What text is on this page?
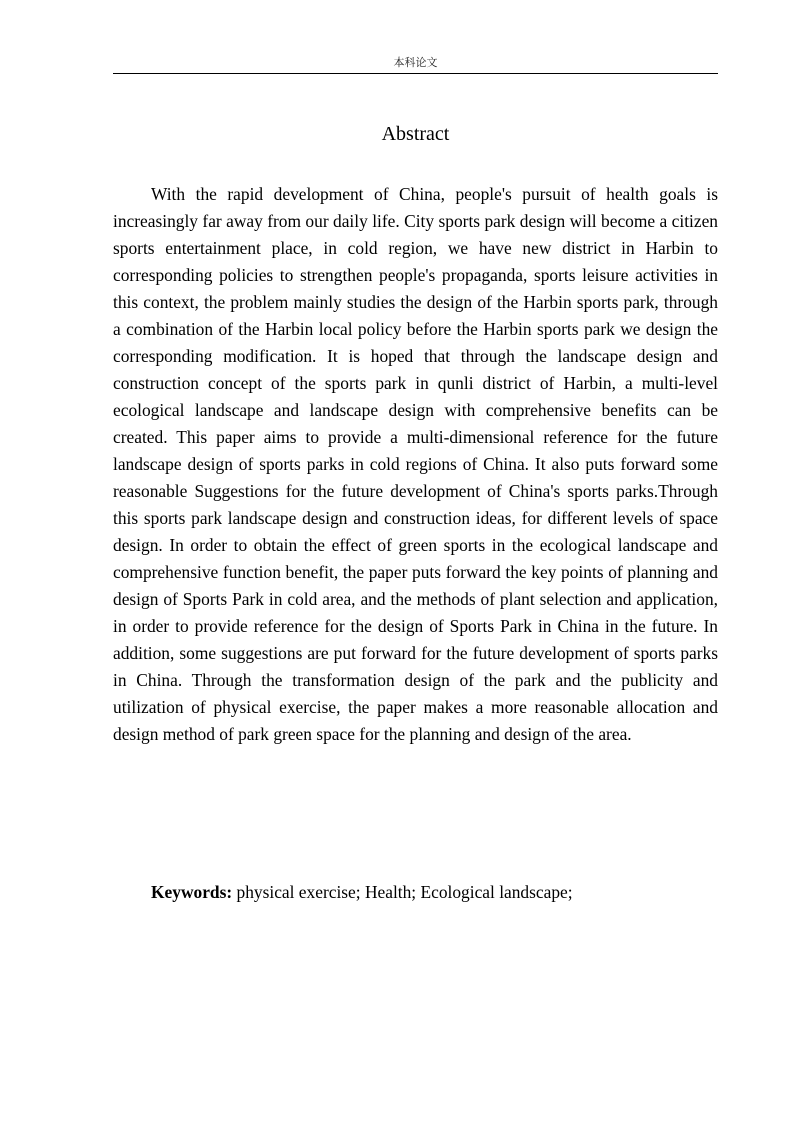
本科论文
Abstract

With the rapid development of China, people's pursuit of health goals is increasingly far away from our daily life. City sports park design will become a citizen sports entertainment place, in cold region, we have new district in Harbin to corresponding policies to strengthen people's propaganda, sports leisure activities in this context, the problem mainly studies the design of the Harbin sports park, through a combination of the Harbin local policy before the Harbin sports park we design the corresponding modification. It is hoped that through the landscape design and construction concept of the sports park in qunli district of Harbin, a multi-level ecological landscape and landscape design with comprehensive benefits can be created. This paper aims to provide a multi-dimensional reference for the future landscape design of sports parks in cold regions of China. It also puts forward some reasonable Suggestions for the future development of China's sports parks.Through this sports park landscape design and construction ideas, for different levels of space design. In order to obtain the effect of green sports in the ecological landscape and comprehensive function benefit, the paper puts forward the key points of planning and design of Sports Park in cold area, and the methods of plant selection and application, in order to provide reference for the design of Sports Park in China in the future. In addition, some suggestions are put forward for the future development of sports parks in China. Through the transformation design of the park and the publicity and utilization of physical exercise, the paper makes a more reasonable allocation and design method of park green space for the planning and design of the area.

Keywords: physical exercise; Health; Ecological landscape;
